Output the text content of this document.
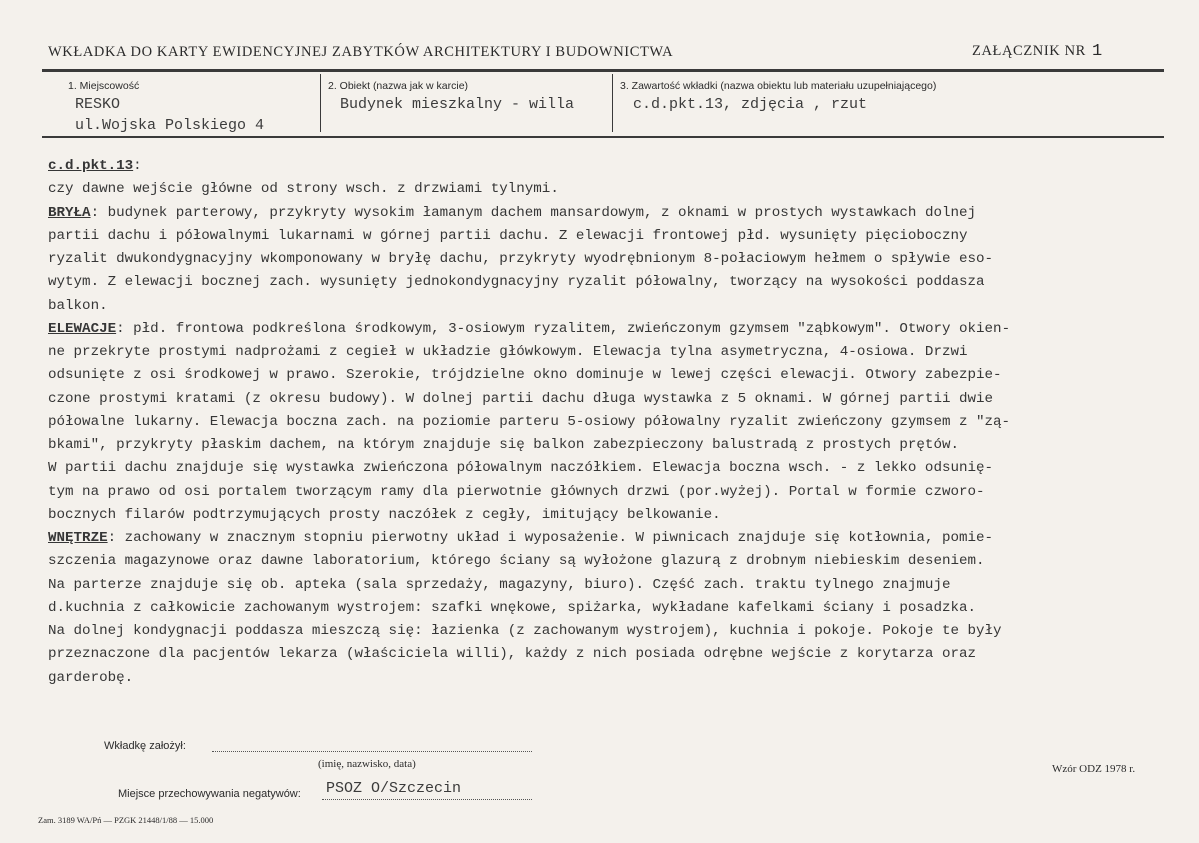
WKŁADKA DO KARTY EWIDENCYJNEJ ZABYTKÓW ARCHITEKTURY I BUDOWNICTWA	ZAŁĄCZNIK NR 1
1. Miejscowość
RESKO
ul.Wojska Polskiego 4
2. Obiekt (nazwa jak w karcie)
Budynek mieszkalny - willa
3. Zawartość wkładki (nazwa obiektu lub materiału uzupełniającego)
c.d.pkt.13, zdjęcia , rzut
c.d.pkt.13:
czy dawne wejście główne od strony wsch. z drzwiami tylnymi.
BRYŁA: budynek parterowy, przykryty wysokim łamanym dachem mansardowym, z oknami w prostych wystawkach dolnej
partii dachu i półowalnymi lukarnami w górnej partii dachu. Z elewacji frontowej płd. wysunięty pięcioboczny
ryzalit dwukondygnacyjny wkomponowany w bryłę dachu, przykryty wyodrębnionym 8-połaciowym hełmem o spływie eso-
wytym. Z elewacji bocznej zach. wysunięty jednokondygnacyjny ryzalit półowalny, tworzący na wysokości poddasza
balkon.
ELEWACJE: płd. frontowa podkreślona środkowym, 3-osiowym ryzalitem, zwieńczonym gzymsem "ząbkowym". Otwory okien-
ne przekryte prostymi nadprożami z cegieł w układzie główkowym. Elewacja tylna asymetryczna, 4-osiowa. Drzwi
odsunięte z osi środkowej w prawo. Szerokie, trójdzielne okno dominuje w lewej części elewacji. Otwory zabezpie-
czone prostymi kratami (z okresu budowy). W dolnej partii dachu długa wystawka z 5 oknami. W górnej partii dwie
półowalne lukarny. Elewacja boczna zach. na poziomie parteru 5-osiowy półowalny ryzalit zwieńczony gzymsem z "zą-
bkami", przykryty płaskim dachem, na którym znajduje się balkon zabezpieczony balustradą z prostych prętów.
W partii dachu znajduje się wystawka zwieńczona półowalnym naczółkiem. Elewacja boczna wsch. - z lekko odsunię-
tym na prawo od osi portalem tworzącym ramy dla pierwotnie głównych drzwi (por.wyżej). Portal w formie czworo-
bocznych filarów podtrzymujących prosty naczółek z cegły, imitujący belkowanie.
WNĘTRZE: zachowany w znacznym stopniu pierwotny układ i wyposażenie. W piwnicach znajduje się kotłownia, pomie-
szczenia magazynowe oraz dawne laboratorium, którego ściany są wyłożone glazurą z drobnym niebieskim deseniem.
Na parterze znajduje się ob. apteka (sala sprzedaży, magazyny, biuro). Część zach. traktu tylnego znajmuje
d.kuchnia z całkowicie zachowanym wystrojem: szafki wnękowe, spiżarka, wykładane kafelkami ściany i posadzka.
Na dolnej kondygnacji poddasza mieszczą się: łazienka (z zachowanym wystrojem), kuchnia i pokoje. Pokoje te były
przeznaczone dla pacjentów lekarza (właściciela willi), każdy z nich posiada odrębne wejście z korytarza oraz
garderobę.
Wkładkę założył:
(imię, nazwisko, data)	Wzór ODZ 1978 r.
Miejsce przechowywania negatywów: PSOZ O/Szczecin
Zam. 3189 WA/Pń — PZGK 21448/1/88 — 15.000
